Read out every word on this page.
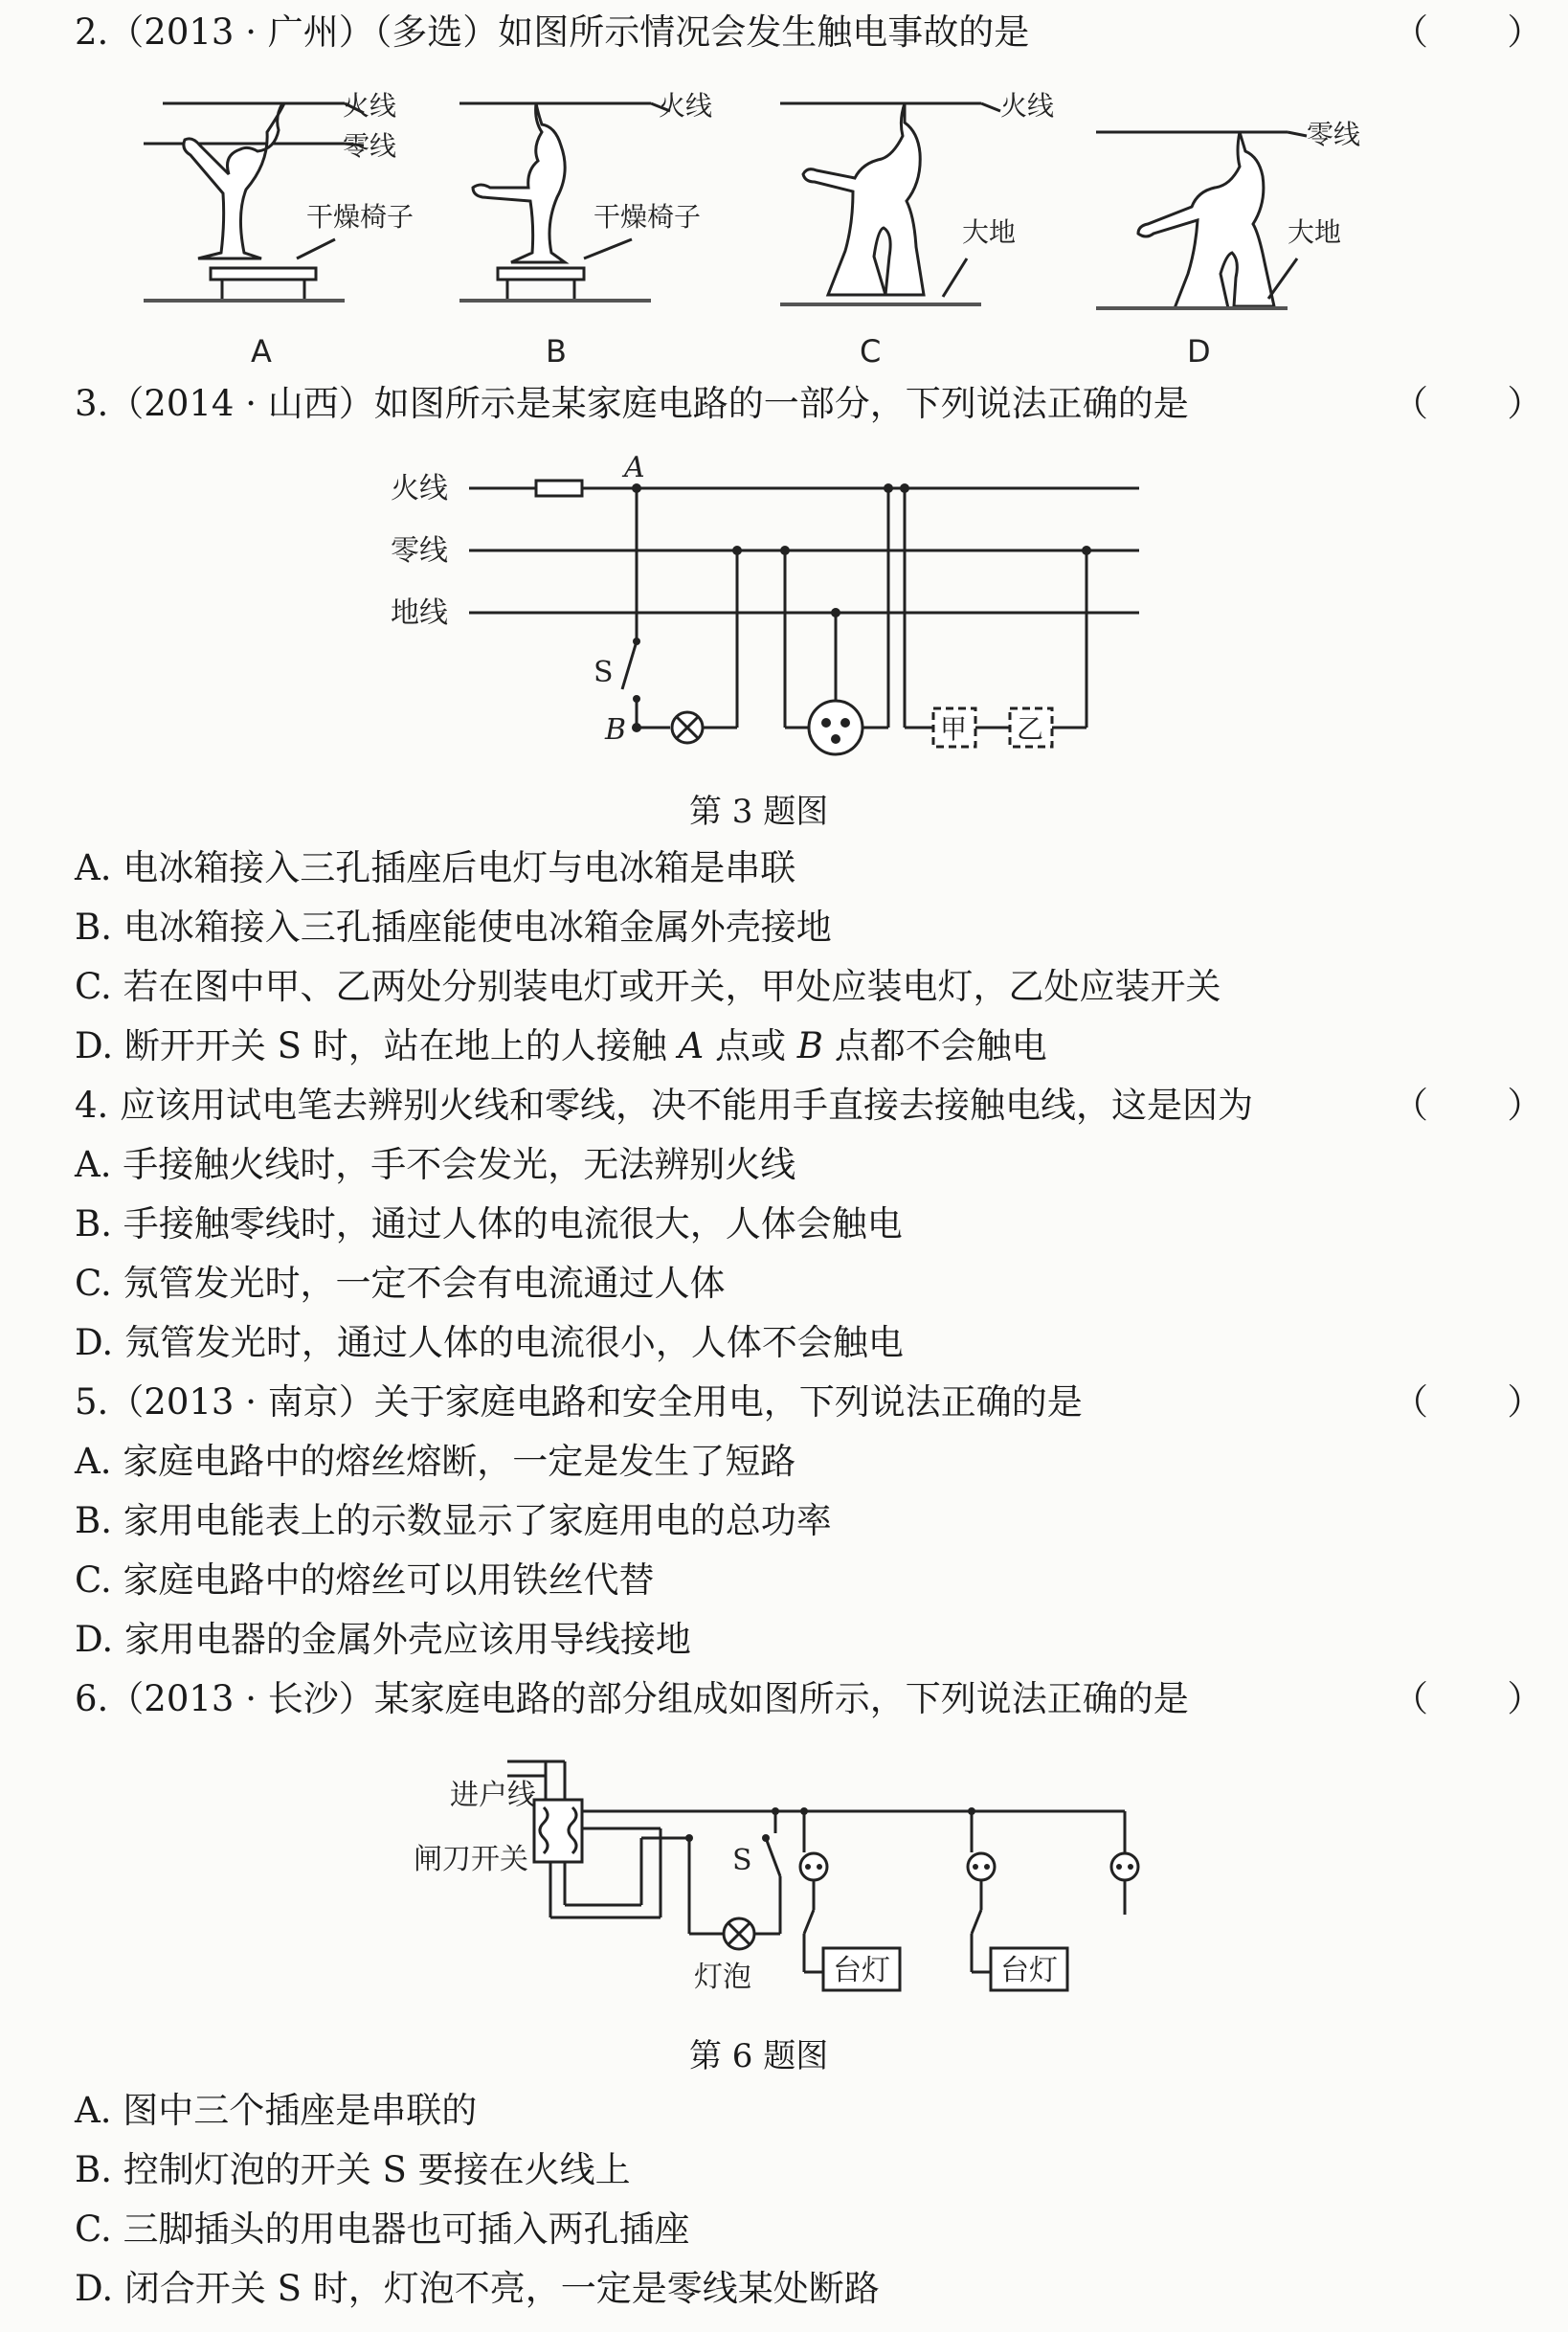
2.（2013 · 广州）（多选）如图所示情况会发生触电事故的是	（       ）
火线
零线
干燥椅子
火线
干燥椅子
火线
大地
零线
大地
A	B	C	D
3.（2014 · 山西）如图所示是某家庭电路的一部分，下列说法正确的是	（       ）
火线
零线
地线
A
B
S
甲 乙
第 3 题图
A. 电冰箱接入三孔插座后电灯与电冰箱是串联
B. 电冰箱接入三孔插座能使电冰箱金属外壳接地
C. 若在图中甲、乙两处分别装电灯或开关，甲处应装电灯，乙处应装开关
D. 断开开关 S 时，站在地上的人接触 A 点或 B 点都不会触电
4. 应该用试电笔去辨别火线和零线，决不能用手直接去接触电线，这是因为	（       ）
A. 手接触火线时，手不会发光，无法辨别火线
B. 手接触零线时，通过人体的电流很大，人体会触电
C. 氖管发光时，一定不会有电流通过人体
D. 氖管发光时，通过人体的电流很小，人体不会触电
5.（2013 · 南京）关于家庭电路和安全用电，下列说法正确的是	（       ）
A. 家庭电路中的熔丝熔断，一定是发生了短路
B. 家用电能表上的示数显示了家庭用电的总功率
C. 家庭电路中的熔丝可以用铁丝代替
D. 家用电器的金属外壳应该用导线接地
6.（2013 · 长沙）某家庭电路的部分组成如图所示，下列说法正确的是	（       ）
进户线
闸刀开关	S
灯泡	台灯	台灯
第 6 题图
A. 图中三个插座是串联的
B. 控制灯泡的开关 S 要接在火线上
C. 三脚插头的用电器也可插入两孔插座
D. 闭合开关 S 时，灯泡不亮，一定是零线某处断路
